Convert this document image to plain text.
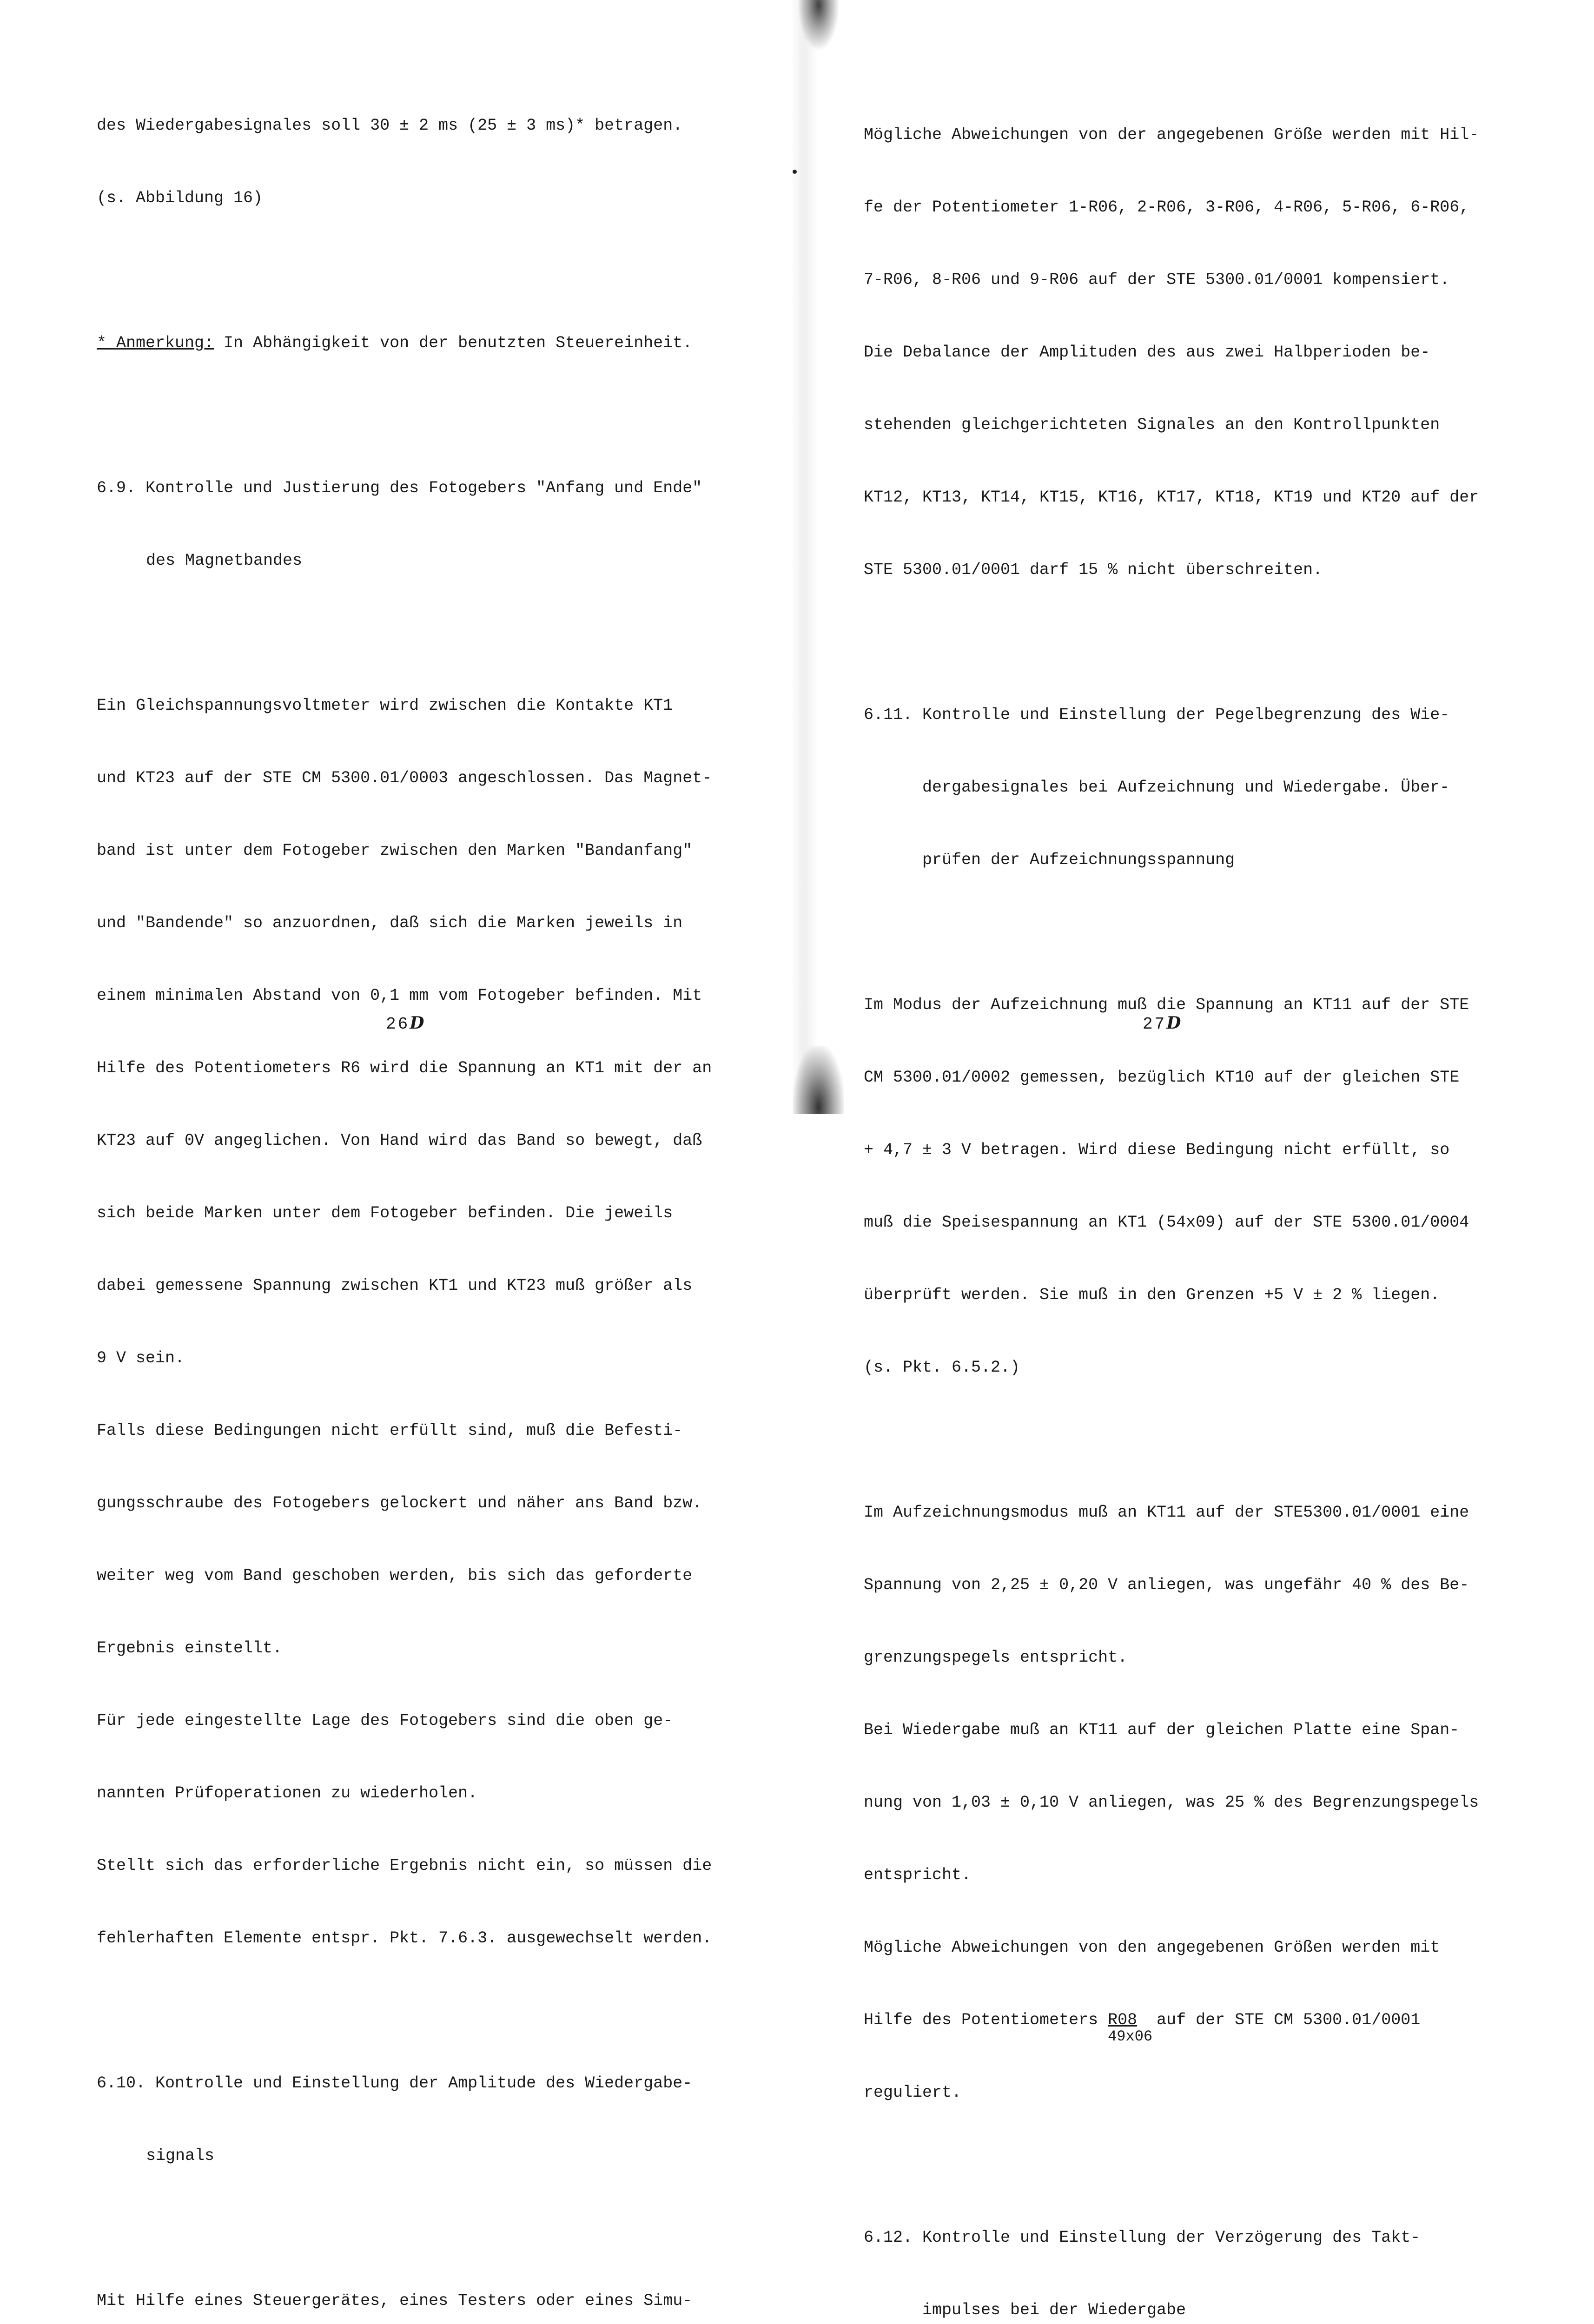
des Wiedergabesignales soll 30 ± 2 ms (25 ± 3 ms)* betragen.

(s. Abbildung 16)

* Anmerkung: In Abhängigkeit von der benutzten Steuereinheit.

6.9. Kontrolle und Justierung des Fotogebers "Anfang und Ende"

des Magnetbandes

Ein Gleichspannungsvoltmeter wird zwischen die Kontakte KT1

und KT23 auf der STE CM 5300.01/0003 angeschlossen. Das Magnet-

band ist unter dem Fotogeber zwischen den Marken "Bandanfang"

und "Bandende" so anzuordnen, daß sich die Marken jeweils in

einem minimalen Abstand von 0,1 mm vom Fotogeber befinden. Mit

Hilfe des Potentiometers R6 wird die Spannung an KT1 mit der an

KT23 auf 0V angeglichen. Von Hand wird das Band so bewegt, daß

sich beide Marken unter dem Fotogeber befinden. Die jeweils

dabei gemessene Spannung zwischen KT1 und KT23 muß größer als

9 V sein.

Falls diese Bedingungen nicht erfüllt sind, muß die Befesti-

gungsschraube des Fotogebers gelockert und näher ans Band bzw.

weiter weg vom Band geschoben werden, bis sich das geforderte

Ergebnis einstellt.

Für jede eingestellte Lage des Fotogebers sind die oben ge-

nannten Prüfoperationen zu wiederholen.

Stellt sich das erforderliche Ergebnis nicht ein, so müssen die

fehlerhaften Elemente entspr. Pkt. 7.6.3. ausgewechselt werden.

6.10. Kontrolle und Einstellung der Amplitude des Wiedergabe-

signals

Mit Hilfe eines Steuergerätes, eines Testers oder eines Simu-

26D

Mögliche Abweichungen von der angegebenen Größe werden mit Hil-

fe der Potentiometer 1-R06, 2-R06, 3-R06, 4-R06, 5-R06, 6-R06,

7-R06, 8-R06 und 9-R06 auf der STE 5300.01/0001 kompensiert.

Die Debalance der Amplituden des aus zwei Halbperioden be-

stehenden gleichgerichteten Signales an den Kontrollpunkten

KT12, KT13, KT14, KT15, KT16, KT17, KT18, KT19 und KT20 auf der

STE 5300.01/0001 darf 15 % nicht überschreiten.

6.11. Kontrolle und Einstellung der Pegelbegrenzung des Wie-

dergabesignales bei Aufzeichnung und Wiedergabe. Über-

prüfen der Aufzeichnungsspannung

Im Modus der Aufzeichnung muß die Spannung an KT11 auf der STE

CM 5300.01/0002 gemessen, bezüglich KT10 auf der gleichen STE

+ 4,7 ± 3 V betragen. Wird diese Bedingung nicht erfüllt, so

muß die Speisespannung an KT1 (54x09) auf der STE 5300.01/0004

überprüft werden. Sie muß in den Grenzen +5 V ± 2 % liegen.

(s. Pkt. 6.5.2.)

Im Aufzeichnungsmodus muß an KT11 auf der STE5300.01/0001 eine

Spannung von 2,25 ± 0,20 V anliegen, was ungefähr 40 % des Be-

grenzungspegels entspricht.

Bei Wiedergabe muß an KT11 auf der gleichen Platte eine Span-

nung von 1,03 ± 0,10 V anliegen, was 25 % des Begrenzungspegels

entspricht.

Mögliche Abweichungen von den angegebenen Größen werden mit

Hilfe des Potentiometers R08
49x06
auf der STE CM 5300.01/0001

reguliert.

6.12. Kontrolle und Einstellung der Verzögerung des Takt-

impulses bei der Wiedergabe

27D
